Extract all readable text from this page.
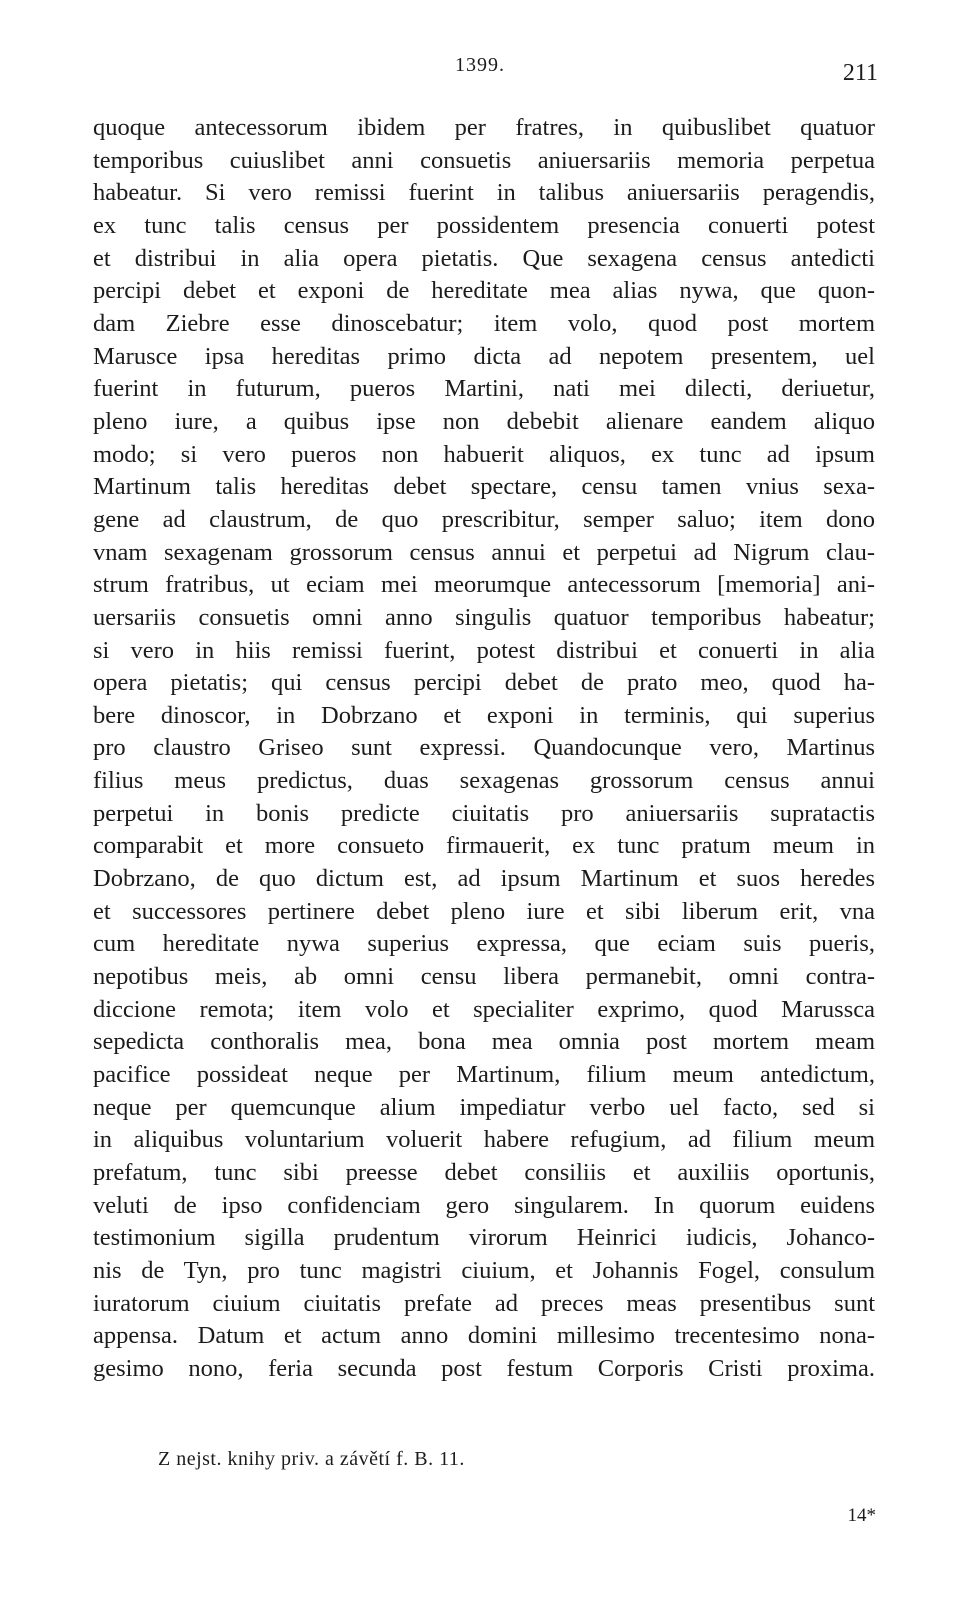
1399.	211
quoque antecessorum ibidem per fratres, in quibuslibet quatuor
temporibus cuiuslibet anni consuetis aniuersariis memoria perpetua
habeatur. Si vero remissi fuerint in talibus aniuersariis peragendis,
ex tunc talis census per possidentem presencia conuerti potest
et distribui in alia opera pietatis. Que sexagena census antedicti
percipi debet et exponi de hereditate mea alias nywa, que quon-
dam Ziebre esse dinoscebatur; item volo, quod post mortem
Marusce ipsa hereditas primo dicta ad nepotem presentem, uel
fuerint in futurum, pueros Martini, nati mei dilecti, deriuetur,
pleno iure, a quibus ipse non debebit alienare eandem aliquo
modo; si vero pueros non habuerit aliquos, ex tunc ad ipsum
Martinum talis hereditas debet spectare, censu tamen vnius sexa-
gene ad claustrum, de quo prescribitur, semper saluo; item dono
vnam sexagenam grossorum census annui et perpetui ad Nigrum clau-
strum fratribus, ut eciam mei meorumque antecessorum [memoria] ani-
uersariis consuetis omni anno singulis quatuor temporibus habeatur;
si vero in hiis remissi fuerint, potest distribui et conuerti in alia
opera pietatis; qui census percipi debet de prato meo, quod ha-
bere dinoscor, in Dobrzano et exponi in terminis, qui superius
pro claustro Griseo sunt expressi. Quandocunque vero, Martinus
filius meus predictus, duas sexagenas grossorum census annui
perpetui in bonis predicte ciuitatis pro aniuersariis supratactis
comparabit et more consueto firmauerit, ex tunc pratum meum in
Dobrzano, de quo dictum est, ad ipsum Martinum et suos heredes
et successores pertinere debet pleno iure et sibi liberum erit, vna
cum hereditate nywa superius expressa, que eciam suis pueris,
nepotibus meis, ab omni censu libera permanebit, omni contra-
diccione remota; item volo et specialiter exprimo, quod Marussca
sepedicta conthoralis mea, bona mea omnia post mortem meam
pacifice possideat neque per Martinum, filium meum antedictum,
neque per quemcunque alium impediatur verbo uel facto, sed si
in aliquibus voluntarium voluerit habere refugium, ad filium meum
prefatum, tunc sibi preesse debet consiliis et auxiliis oportunis,
veluti de ipso confidenciam gero singularem. In quorum euidens
testimonium sigilla prudentum virorum Heinrici iudicis, Johanco-
nis de Tyn, pro tunc magistri ciuium, et Johannis Fogel, consulum
iuratorum ciuium ciuitatis prefate ad preces meas presentibus sunt
appensa. Datum et actum anno domini millesimo trecentesimo nona-
gesimo nono, feria secunda post festum Corporis Cristi proxima.
Z nejst. knihy priv. a závětí f. B. 11.
14*
